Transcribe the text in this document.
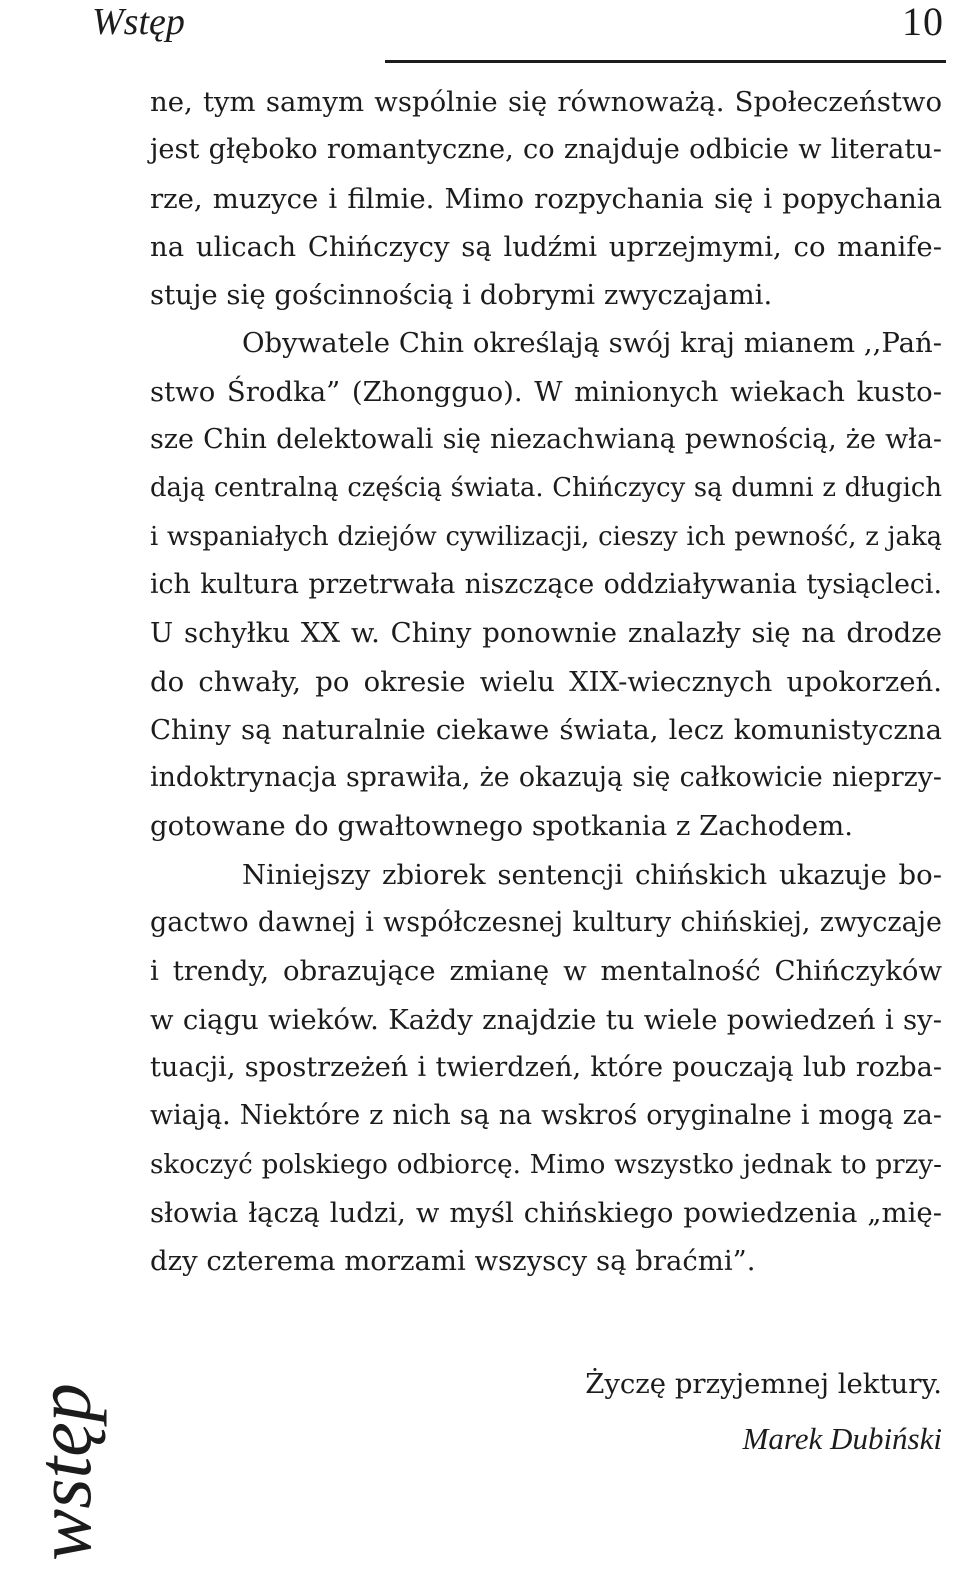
Wstęp	10
ne, tym samym wspólnie się równoważą. Społeczeństwo
jest głęboko romantyczne, co znajduje odbicie w literatu-
rze, muzyce i filmie. Mimo rozpychania się i popychania
na ulicach Chińczycy są ludźmi uprzejmymi, co manife-
stuje się gościnnością i dobrymi zwyczajami.
Obywatele Chin określają swój kraj mianem ,,Pań-
stwo Środka” (Zhongguo). W minionych wiekach kusto-
sze Chin delektowali się niezachwianą pewnością, że wła-
dają centralną częścią świata. Chińczycy są dumni z długich
i wspaniałych dziejów cywilizacji, cieszy ich pewność, z jaką
ich kultura przetrwała niszczące oddziaływania tysiącleci.
U schyłku XX w. Chiny ponownie znalazły się na drodze
do chwały, po okresie wielu XIX-wiecznych upokorzeń.
Chiny są naturalnie ciekawe świata, lecz komunistyczna
indoktrynacja sprawiła, że okazują się całkowicie nieprzy-
gotowane do gwałtownego spotkania z Zachodem.
Niniejszy zbiorek sentencji chińskich ukazuje bo-
gactwo dawnej i współczesnej kultury chińskiej, zwyczaje
i trendy, obrazujące zmianę w mentalność Chińczyków
w ciągu wieków. Każdy znajdzie tu wiele powiedzeń i sy-
tuacji, spostrzeżeń i twierdzeń, które pouczają lub rozba-
wiają. Niektóre z nich są na wskroś oryginalne i mogą za-
skoczyć polskiego odbiorcę. Mimo wszystko jednak to przy-
słowia łączą ludzi, w myśl chińskiego powiedzenia „mię-
dzy czterema morzami wszyscy są braćmi”.
Życzę przyjemnej lektury.
Marek Dubiński
wstęp
